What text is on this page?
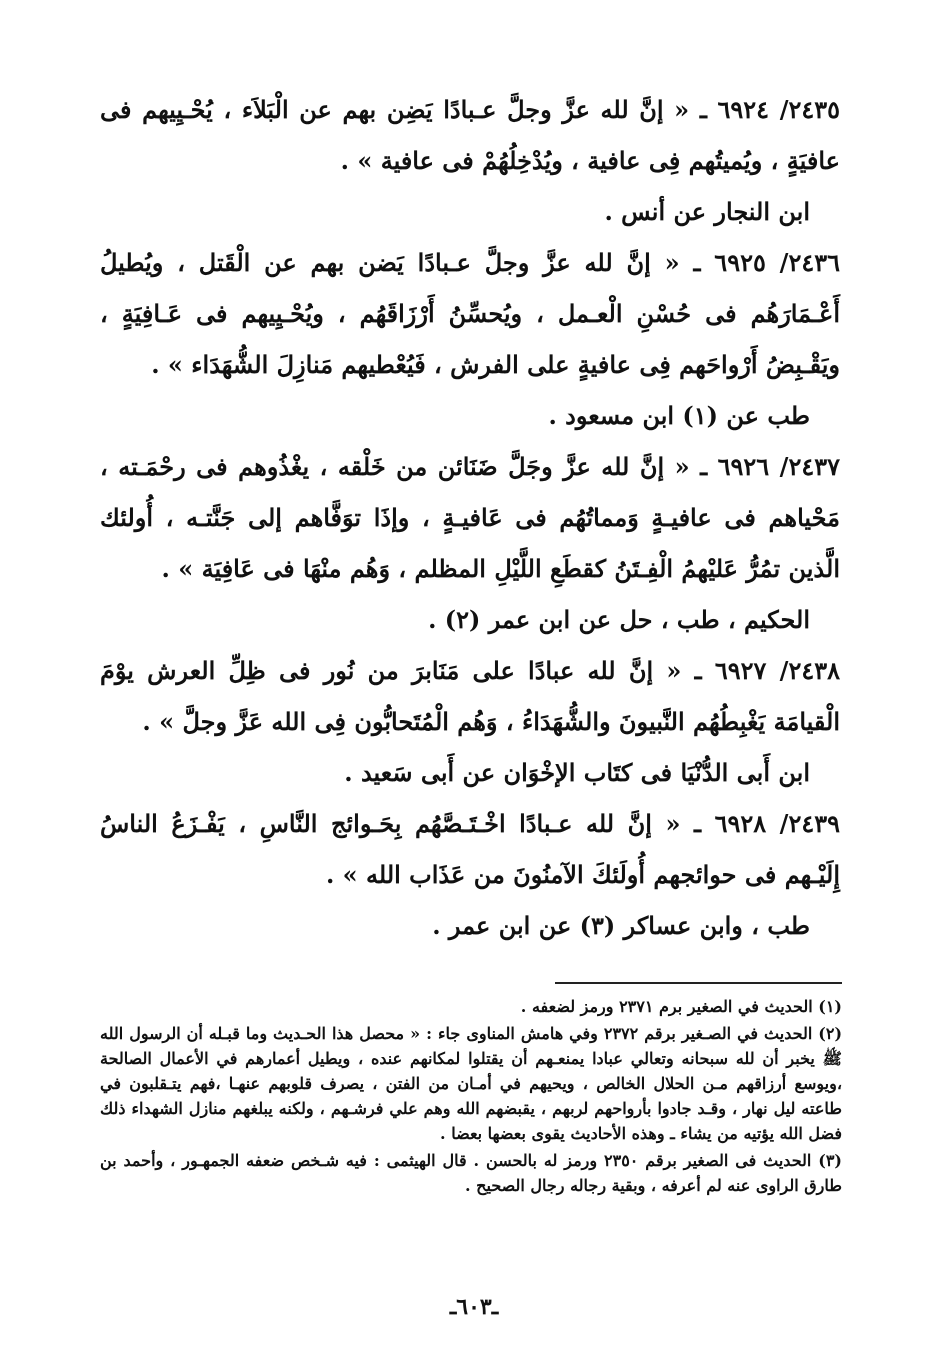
٢٤٣٥/ ٦٩٢٤ ـ « إنَّ لله عزَّ وجلَّ عـبادًا يَضِن بهم عن الْبَلاَء ، يُحْـيِيهم فى عافيَةٍ ، ويُميتُهم فِى عافية ، ويُدْخِلُهُمْ فى عافية » .

ابن النجار عن أنس .

٢٤٣٦/ ٦٩٢٥ ـ « إنَّ لله عزَّ وجلَّ عـبادًا يَضن بهم عن الْقَتل ، ويُطيلُ أَعْـمَارَهُم فى حُسْنِ الْعـمل ، ويُحسِّنُ أَرْزَاقَهُم ، ويُحْـيِيهم فى عَـافِيَةٍ ، ويَقْـبِضُ أَرْواحَهم فِى عافيةٍ على الفرش ، فَيُعْطيهم مَنازِلَ الشُّهَدَاء » .

طب عن (١) ابن مسعود .

٢٤٣٧/ ٦٩٢٦ ـ « إنَّ لله عزَّ وجَلَّ ضَنَائن من خَلْقه ، يغْذُوهم فى رحْمَـته ، مَحْياهم فى عافيـةٍ وَمماتُهُم فى عَافيـةٍ ، وإذَا توَفَّاهم إلى جَنَّتـه ، أُولئك الَّذين تمُرُّ عَليْهمُ الْفِـتَنُ كقطَعِ اللَّيْلِ المظلم ، وَهُم منْهَا فى عَافِيَة » .

الحكيم ، طب ، حل عن ابن عمر (٢) .

٢٤٣٨/ ٦٩٢٧ ـ « إنَّ لله عبادًا على مَنَابرَ من نُور فى ظِلِّ العرش يوْمَ الْقيامَة يَغْبِطُهُم النَّبيونَ والشُّهَدَاءُ ، وَهُم الْمُتَحابُّون فِى الله عَزَّ وجلَّ » .

ابن أَبى الدُّنْيَا فى كتَاب الإخْوَان عن أَبى سَعيد .

٢٤٣٩/ ٦٩٢٨ ـ « إنَّ لله عـبادًا اخْـتَـصَّهُم بِحَـوائج النَّاسِ ، يَفْـزَعُ الناسُ إِلَيْـهم فى حوائجهم أُولَئكَ الآمنُونَ من عَذَاب الله » .

طب ، وابن عساكر (٣) عن ابن عمر .

(١) الحديث في الصغير برم ٢٣٧١ ورمز لضعفه .

(٢) الحديث في الصـغير برقم ٢٣٧٢ وفي هامش المناوى جاء : « محصل هذا الحـديث وما قبـله أن الرسول الله ﷺ يخبر أن لله سبحانه وتعالي عبادا يمنعـهم أن يقتلوا لمكانهم عنده ، ويطيل أعمارهم في الأعمال الصالحة ،ويوسع أرزاقهم مـن الحلال الخالص ، ويحيهم في أمـان من الفتن ، يصرف قلوبهم عنهـا ،فهم يتـقلبون في طاعته ليل نهار ، وقـد جادوا بأرواحهم لربهم ، يقبضهم الله وهم علي فرشـهم ، ولكنه يبلغهم منازل الشهداء ذلك فضل الله يؤتيه من يشاء ـ وهذه الأحاديث يقوى بعضها بعضا .

(٣) الحديث فى الصغير برقم ٢٣٥٠ ورمز له بالحسن . قال الهيثمى : فيه شـخص ضعفه الجمهـور ، وأحمد بن طارق الراوى عنه لم أعرفه ، وبقية رجاله رجال الصحيح .

ـ٦٠٣ـ
